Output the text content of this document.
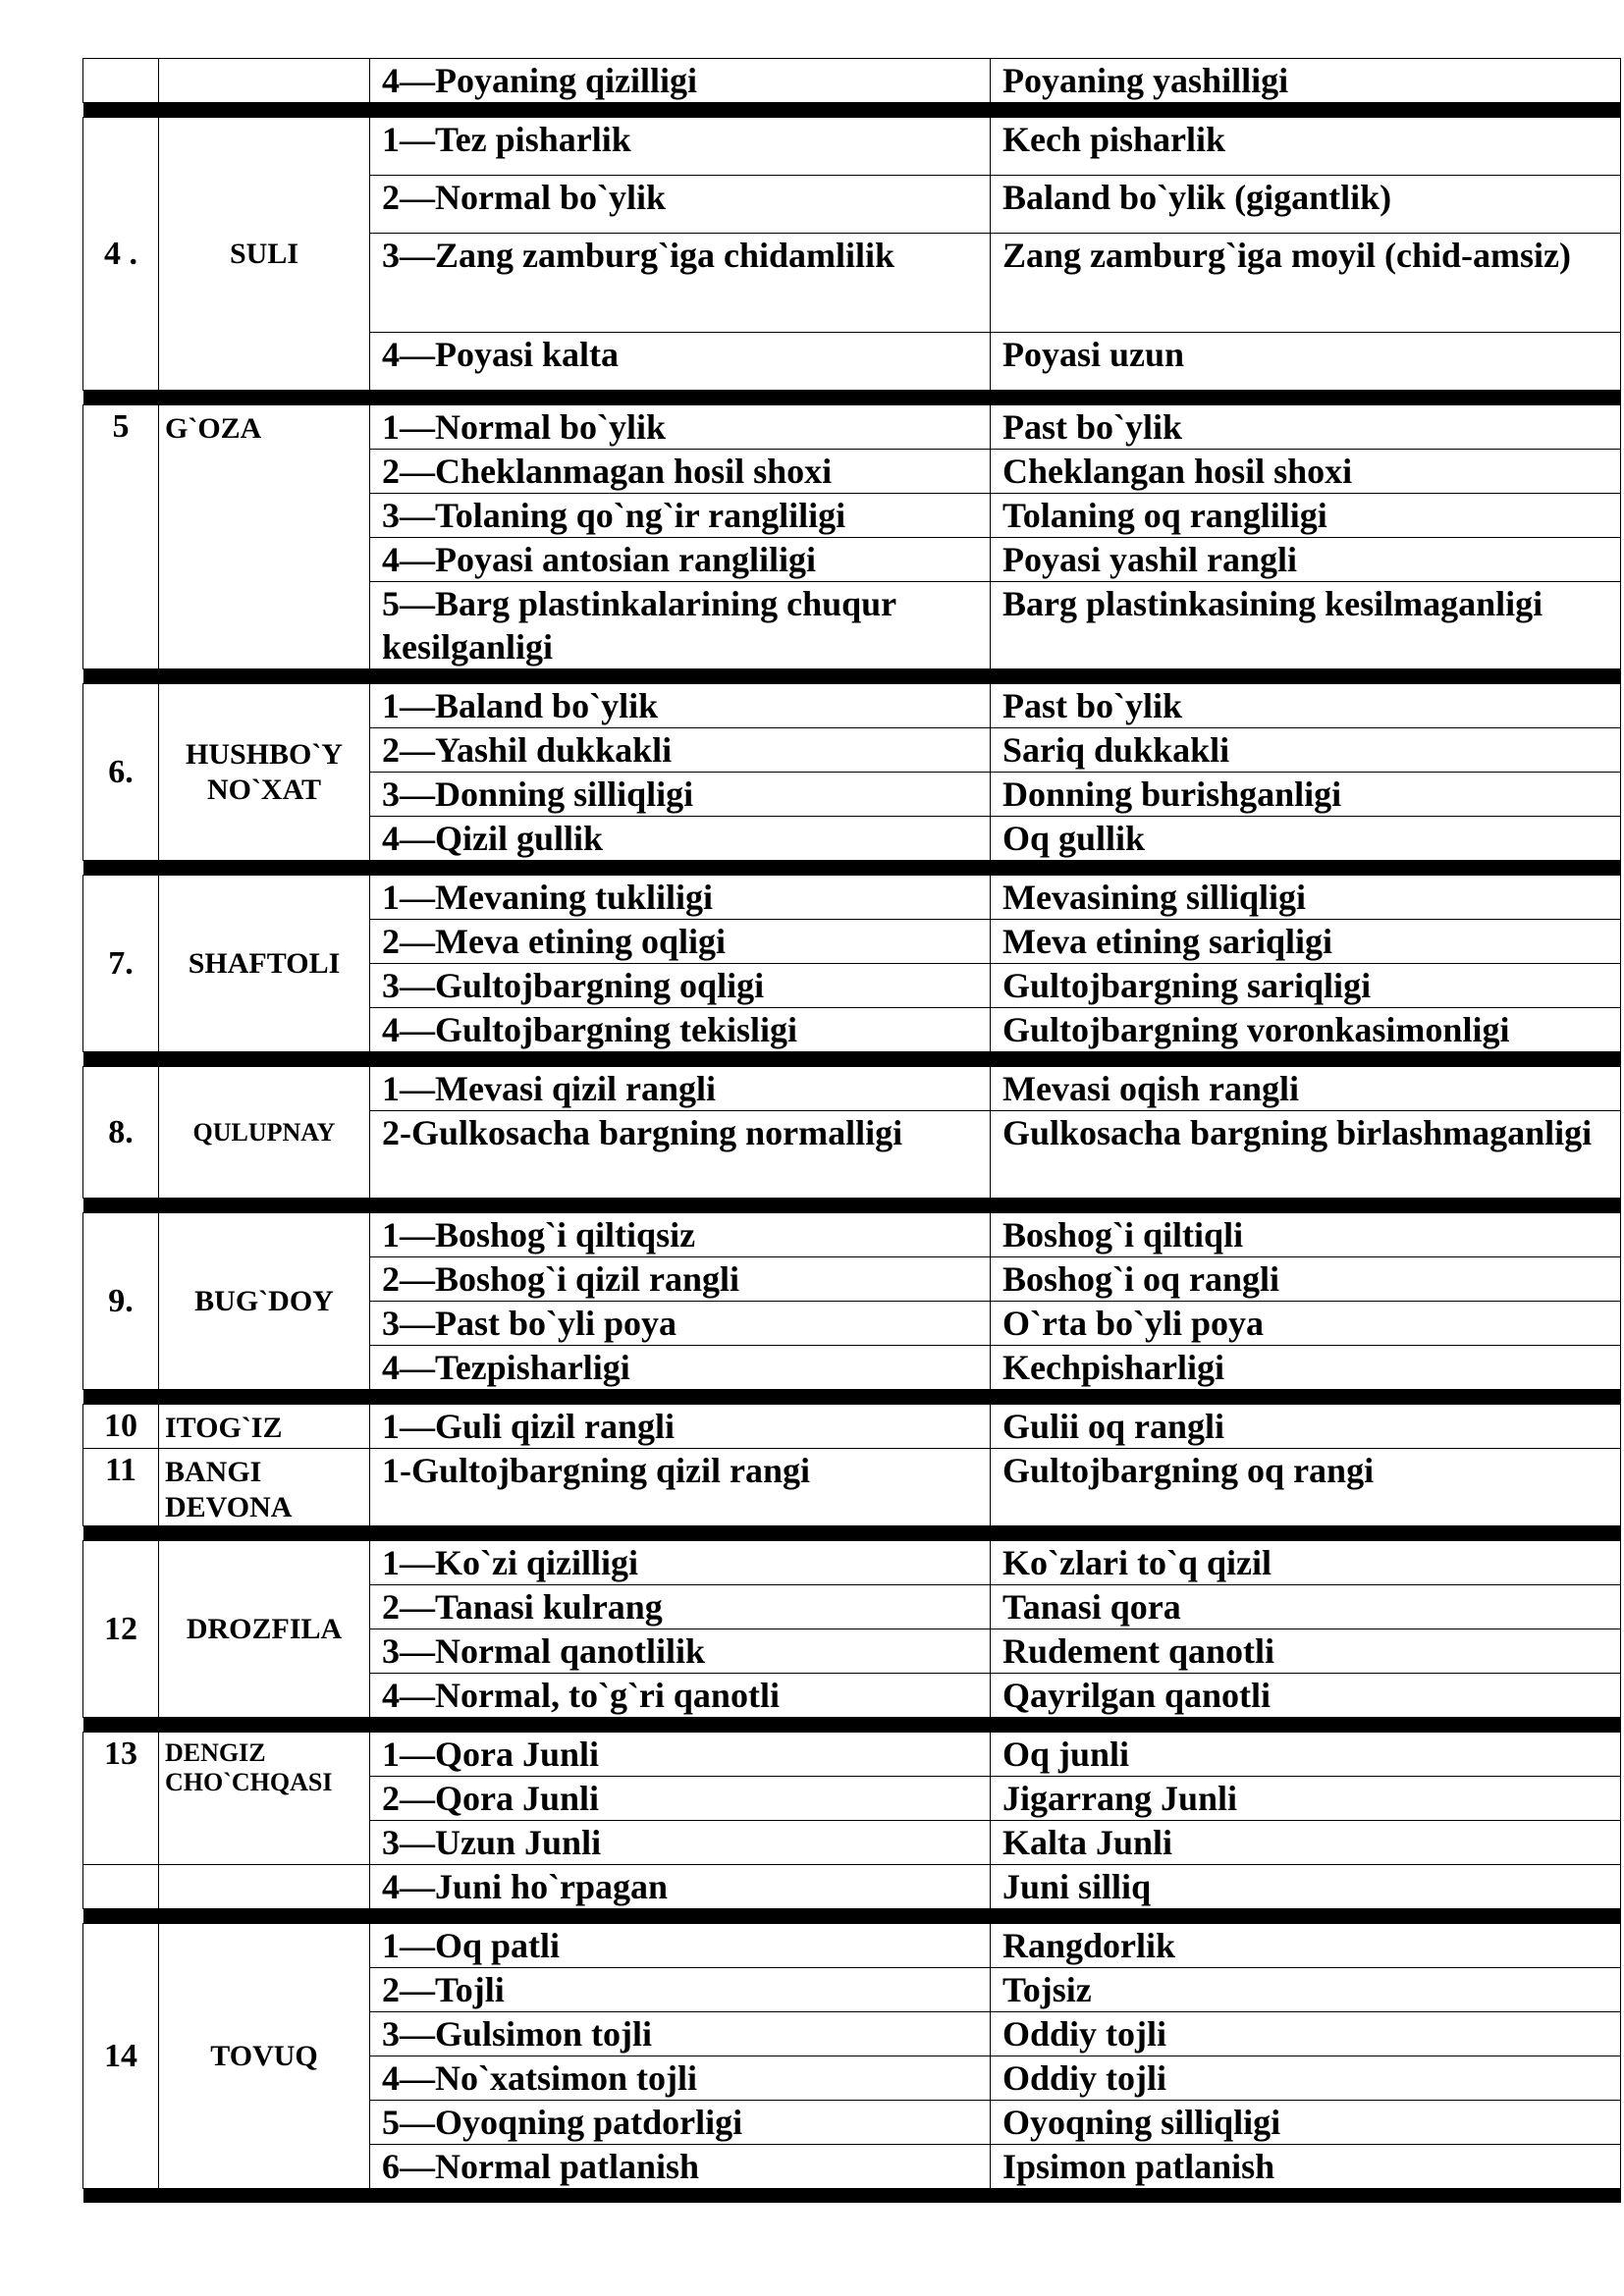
		4—Poyaning qizilligi	Poyaning yashilligi

4 .	SULI	1—Tez pisharlik	Kech pisharlik
		2—Normal bo`ylik	Baland bo`ylik (gigantlik)
		3—Zang zamburg`iga chidamlilik	Zang zamburg`iga moyil (chid-amsiz)
		4—Poyasi kalta	Poyasi uzun

5	G`OZA	1—Normal bo`ylik	Past bo`ylik
		2—Cheklanmagan hosil shoxi	Cheklangan hosil shoxi
		3—Tolaning qo`ng`ir rangliligi	Tolaning oq rangliligi
		4—Poyasi antosian rangliligi	Poyasi yashil rangli
		5—Barg plastinkalarining chuqur kesilganligi	Barg plastinkasining kesilmaganligi

6.	HUSHBO`Y NO`XAT	1—Baland bo`ylik	Past bo`ylik
		2—Yashil dukkakli	Sariq dukkakli
		3—Donning silliqligi	Donning burishganligi
		4—Qizil gullik	Oq gullik

7.	SHAFTOLI	1—Mevaning tukliligi	Mevasining silliqligi
		2—Meva etining oqligi	Meva etining sariqligi
		3—Gultojbargning oqligi	Gultojbargning sariqligi
		4—Gultojbargning tekisligi	Gultojbargning voronkasimonligi

8.	QULUPNAY	1—Mevasi qizil rangli	Mevasi oqish rangli
		2-Gulkosacha bargning normalligi	Gulkosacha bargning birlashmaganligi

9.	BUG`DOY	1—Boshog`i qiltiqsiz	Boshog`i qiltiqli
		2—Boshog`i qizil rangli	Boshog`i oq rangli
		3—Past bo`yli poya	O`rta bo`yli poya
		4—Tezpisharligi	Kechpisharligi

10	ITOG`IZ	1—Guli qizil rangli	Gulii oq rangli
11	BANGI DEVONA	1-Gultojbargning qizil rangi	Gultojbargning oq rangi

12	DROZFILA	1—Ko`zi qizilligi	Ko`zlari to`q qizil
		2—Tanasi kulrang	Tanasi qora
		3—Normal qanotlilik	Rudement qanotli
		4—Normal, to`g`ri qanotli	Qayrilgan qanotli

13	DENGIZ CHO`CHQASI	1—Qora Junli	Oq junli
		2—Qora Junli	Jigarrang Junli
		3—Uzun Junli	Kalta Junli
		4—Juni ho`rpagan	Juni silliq

14	TOVUQ	1—Oq patli	Rangdorlik
		2—Tojli	Tojsiz
		3—Gulsimon tojli	Oddiy tojli
		4—No`xatsimon tojli	Oddiy tojli
		5—Oyoqning patdorligi	Oyoqning silliqligi
		6—Normal patlanish	Ipsimon patlanish
